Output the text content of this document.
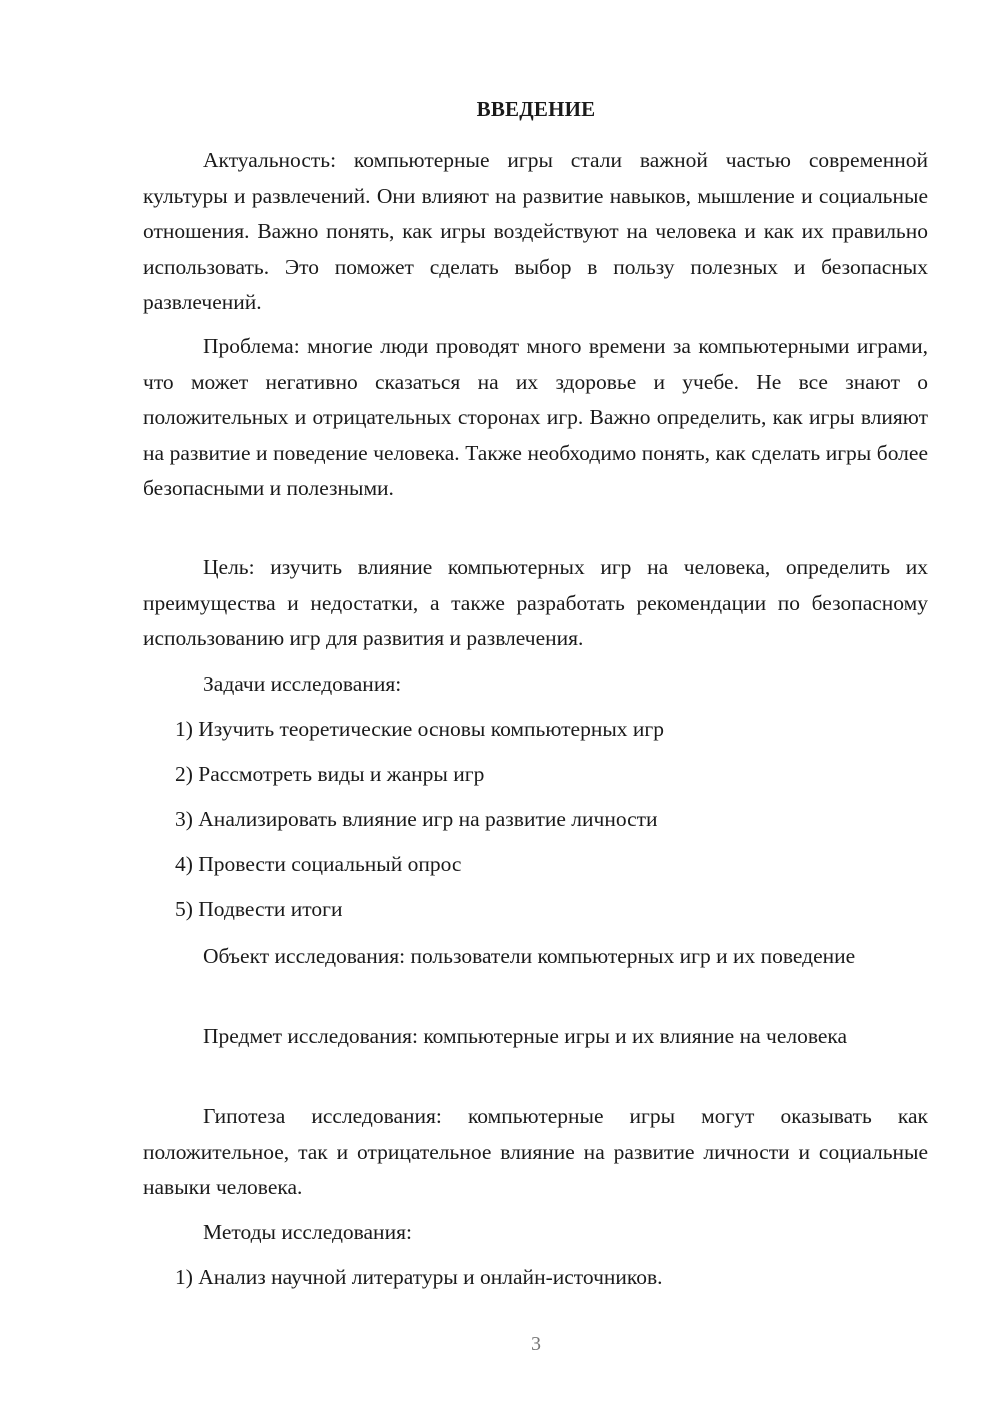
ВВЕДЕНИЕ

Актуальность: компьютерные игры стали важной частью современной культуры и развлечений. Они влияют на развитие навыков, мышление и социальные отношения. Важно понять, как игры воздействуют на человека и как их правильно использовать. Это поможет сделать выбор в пользу полезных и безопасных развлечений.

Проблема: многие люди проводят много времени за компьютерными играми, что может негативно сказаться на их здоровье и учебе. Не все знают о положительных и отрицательных сторонах игр. Важно определить, как игры влияют на развитие и поведение человека. Также необходимо понять, как сделать игры более безопасными и полезными.

Цель: изучить влияние компьютерных игр на человека, определить их преимущества и недостатки, а также разработать рекомендации по безопасному использованию игр для развития и развлечения.

Задачи исследования:

1) Изучить теоретические основы компьютерных игр

2) Рассмотреть виды и жанры игр

3) Анализировать влияние игр на развитие личности

4) Провести социальный опрос

5) Подвести итоги

Объект исследования: пользователи компьютерных игр и их поведение

Предмет исследования: компьютерные игры и их влияние на человека

Гипотеза исследования: компьютерные игры могут оказывать как положительное, так и отрицательное влияние на развитие личности и социальные навыки человека.

Методы исследования:

1) Анализ научной литературы и онлайн-источников.

3
